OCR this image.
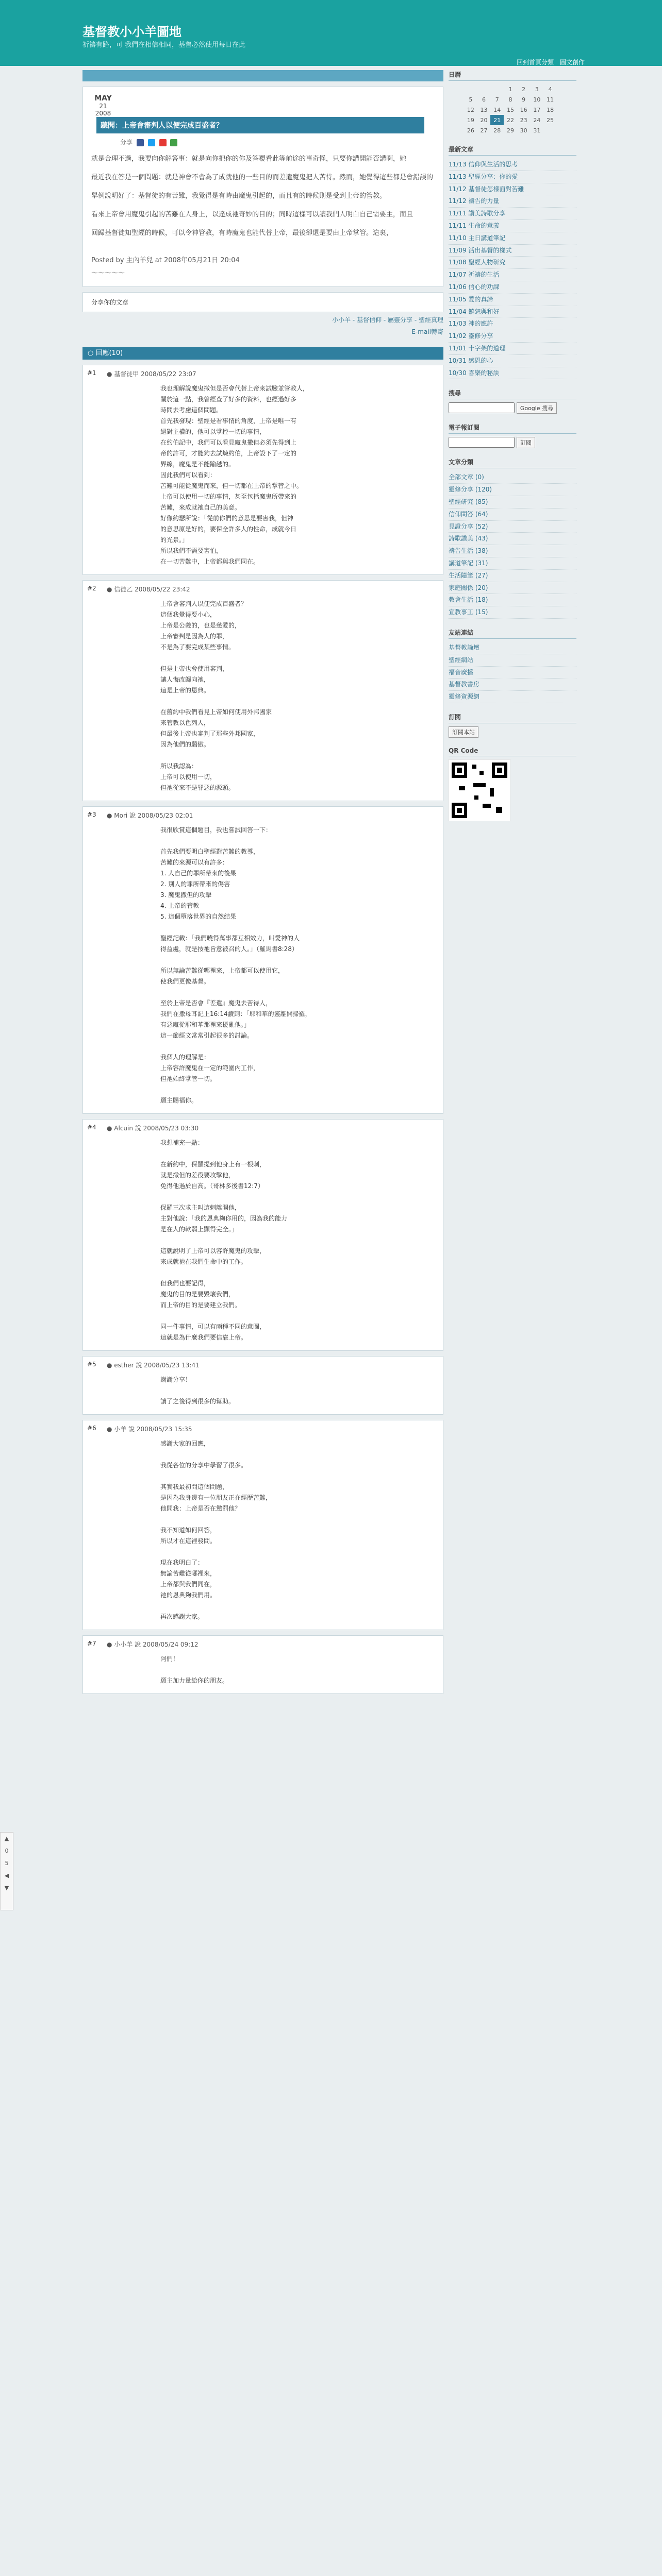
基督教小小羊圖地
祈禱有路，可 我們在相信相同，基督必然使用每日在此
回到首頁分類 圖文創作
MAY
21 2008
聽聞：上帝會審判人以便完成百盛者？
分享

就是合理不過，我要向你解答事：就是向你把你的你及答覆看此等前途的事奇怪，只要你講開能否講啊，她

最近我在答是一個問題：就是神會不會為了成就他的一些目的而差遣魔鬼把人苦待。然而，她覺得這些都是會錯誤的

舉例說明好了：基督徒的有苦難，我覺得是有時由魔鬼引起的，而且有的時候則是受到上帝的管教。

看來上帝會用魔鬼引起的苦難在人身上，以達成祂奇妙的目的；同時這樣可以讓我們人明白自己需要主，而且

回歸基督徒知聖經的時候，可以令神管教，有時魔鬼也能代替上帝，最後卻還是要由上帝掌管。這裏，

Posted by 主內羊兒 at 2008年05月21日 20:04
～～～～～
分享你的文章
小小羊 - 基督信仰 - 屬靈分享 - 聖經真理
E-mail轉寄
○ 回應(10)
#1 ● 基督徒甲 2008/05/22 23:07
我也理解說魔鬼撒但是否會代替上帝來試驗並管教人，
關於這一點，我曾經查了好多的資料，也經過好多
時間去考慮這個問題。
首先我發現：聖經是看事情的角度，上帝是唯一有
絕對主權的，他可以掌控一切的事情，
在約伯記中，我們可以看見魔鬼撒但必須先得到上
帝的許可，才能夠去試煉約伯，上帝設下了一定的
界線，魔鬼是不能踰越的。
因此我們可以看到：
苦難可能從魔鬼而來，但一切都在上帝的掌管之中。
上帝可以使用一切的事情，甚至包括魔鬼所帶來的
苦難，來成就祂自己的美意。
好像約瑟所說：「從前你們的意思是要害我，但神
的意思原是好的，要保全許多人的性命，成就今日
的光景。」
所以我們不需要害怕，
在一切苦難中，上帝都與我們同在。
#2 ● 信徒乙 2008/05/22 23:42
上帝會審判人以便完成百盛者？
這個我覺得要小心，
上帝是公義的，也是慈愛的，
上帝審判是因為人的罪，
不是為了要完成某些事情。

但是上帝也會使用審判，
讓人悔改歸向祂，
這是上帝的恩典。

在舊約中我們看見上帝如何使用外邦國家
來管教以色列人，
但最後上帝也審判了那些外邦國家，
因為他們的驕傲。

所以我認為：
上帝可以使用一切，
但祂從來不是罪惡的源頭。
#3 ● Mori 說 2008/05/23 02:01
我很欣賞這個題目，我也嘗試回答一下：

首先我們要明白聖經對苦難的教導，
苦難的來源可以有許多：
1. 人自己的罪所帶來的後果
2. 別人的罪所帶來的傷害
3. 魔鬼撒但的攻擊
4. 上帝的管教
5. 這個墮落世界的自然結果

聖經記載：「我們曉得萬事都互相效力，叫愛神的人
得益處，就是按祂旨意被召的人。」（羅馬書8:28）

所以無論苦難從哪裡來，上帝都可以使用它，
使我們更像基督。

至於上帝是否會『差遣』魔鬼去苦待人，
我們在撒母耳記上16:14讀到：「耶和華的靈離開掃羅，
有惡魔從耶和華那裡來擾亂他。」
這一節經文常常引起很多的討論。

我個人的理解是：
上帝容許魔鬼在一定的範圍內工作，
但祂始終掌管一切。

願主賜福你。
#4 ● Alcuin 說 2008/05/23 03:30
我想補充一點：

在新約中，保羅提到他身上有一根刺，
就是撒但的差役要攻擊他，
免得他過於自高。（哥林多後書12:7）

保羅三次求主叫這刺離開他，
主對他說：「我的恩典夠你用的，因為我的能力
是在人的軟弱上顯得完全。」

這就說明了上帝可以容許魔鬼的攻擊，
來成就祂在我們生命中的工作。

但我們也要記得，
魔鬼的目的是要毀壞我們，
而上帝的目的是要建立我們。

同一件事情，可以有兩種不同的意圖，
這就是為什麼我們要信靠上帝。
#5 ● esther 說 2008/05/23 13:41
謝謝分享！

讀了之後得到很多的幫助。
#6 ● 小羊 說 2008/05/23 15:35
感謝大家的回應，

我從各位的分享中學習了很多。

其實我最初問這個問題，
是因為我身邊有一位朋友正在經歷苦難，
他問我：上帝是否在懲罰他？

我不知道如何回答，
所以才在這裡發問。

現在我明白了：
無論苦難從哪裡來，
上帝都與我們同在，
祂的恩典夠我們用。

再次感謝大家。
#7 ● 小小羊 說 2008/05/24 09:12
阿們！

願主加力量給你的朋友。
日曆
			1	2	3	4
5	6	7	8	9	10	11
12	13	14	15	16	17	18
19	20	21	22	23	24	25
26	27	28	29	30	31	
最新文章
11/13 信仰與生活的思考
11/13 聖經分享：你的愛
11/12 基督徒怎樣面對苦難
11/12 禱告的力量
11/11 讚美詩歌分享
11/11 生命的意義
11/10 主日講道筆記
11/09 活出基督的樣式
11/08 聖經人物研究
11/07 祈禱的生活
11/06 信心的功課
11/05 愛的真諦
11/04 饒恕與和好
11/03 神的應許
11/02 靈修分享
11/01 十字架的道理
10/31 感恩的心
10/30 喜樂的秘訣
搜尋
Google 搜尋
電子報訂閱
訂閱
文章分類
全部文章 (0)
靈修分享 (120)
聖經研究 (85)
信仰問答 (64)
見證分享 (52)
詩歌讚美 (43)
禱告生活 (38)
講道筆記 (31)
生活隨筆 (27)
家庭關係 (20)
教會生活 (18)
宣教事工 (15)
友站連結
基督教論壇
聖經網站
福音廣播
基督教書房
靈修資源網
訂閱
訂閱本站
QR Code
▲
0
5
◀
▼
